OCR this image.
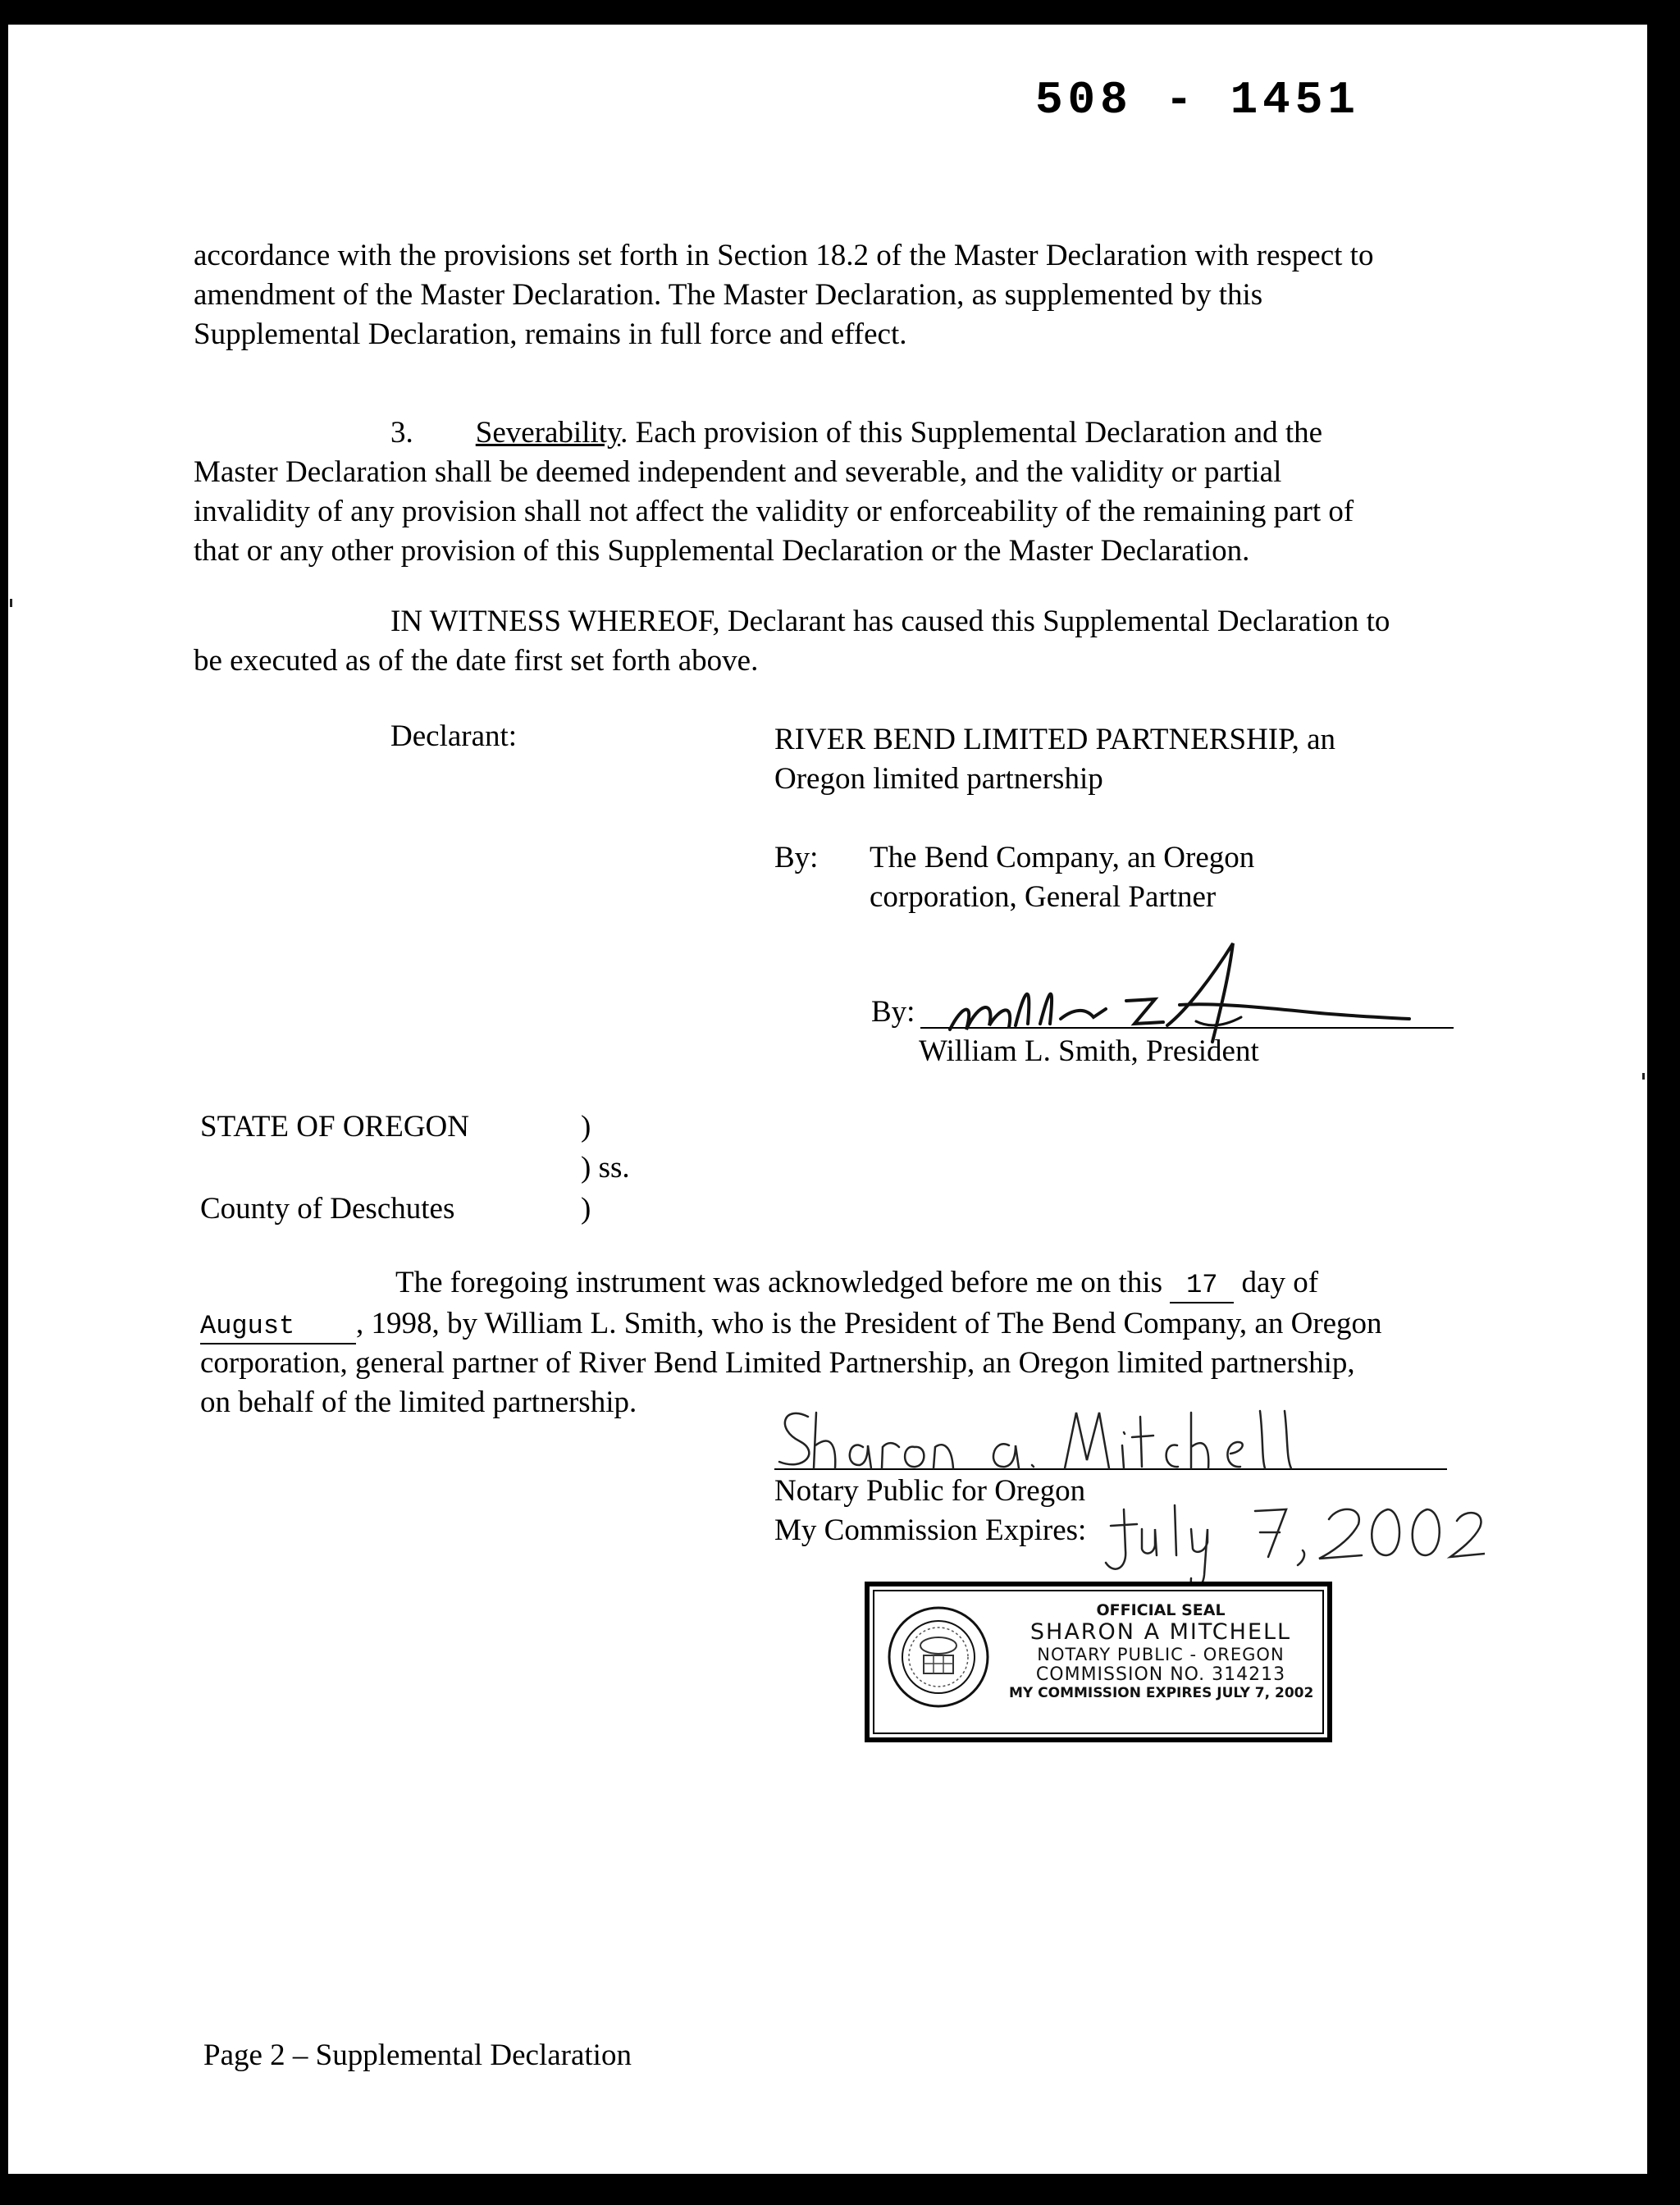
508 - 1451
accordance with the provisions set forth in Section 18.2 of the Master Declaration with respect to
amendment of the Master Declaration. The Master Declaration, as supplemented by this
Supplemental Declaration, remains in full force and effect.
3. Severability. Each provision of this Supplemental Declaration and the
Master Declaration shall be deemed independent and severable, and the validity or partial
invalidity of any provision shall not affect the validity or enforceability of the remaining part of
that or any other provision of this Supplemental Declaration or the Master Declaration.
IN WITNESS WHEREOF, Declarant has caused this Supplemental Declaration to
be executed as of the date first set forth above.
Declarant:	RIVER BEND LIMITED PARTNERSHIP, an
Oregon limited partnership
By: The Bend Company, an Oregon
corporation, General Partner
By:
William L. Smith, President
STATE OF OREGON	)
) ss.
County of Deschutes	)
The foregoing instrument was acknowledged before me on this 17 day of
August , 1998, by William L. Smith, who is the President of The Bend Company, an Oregon
corporation, general partner of River Bend Limited Partnership, an Oregon limited partnership,
on behalf of the limited partnership.
Notary Public for Oregon
My Commission Expires:
OFFICIAL SEAL
SHARON A MITCHELL
NOTARY PUBLIC - OREGON
COMMISSION NO. 314213
MY COMMISSION EXPIRES JULY 7, 2002
Page 2 – Supplemental Declaration
